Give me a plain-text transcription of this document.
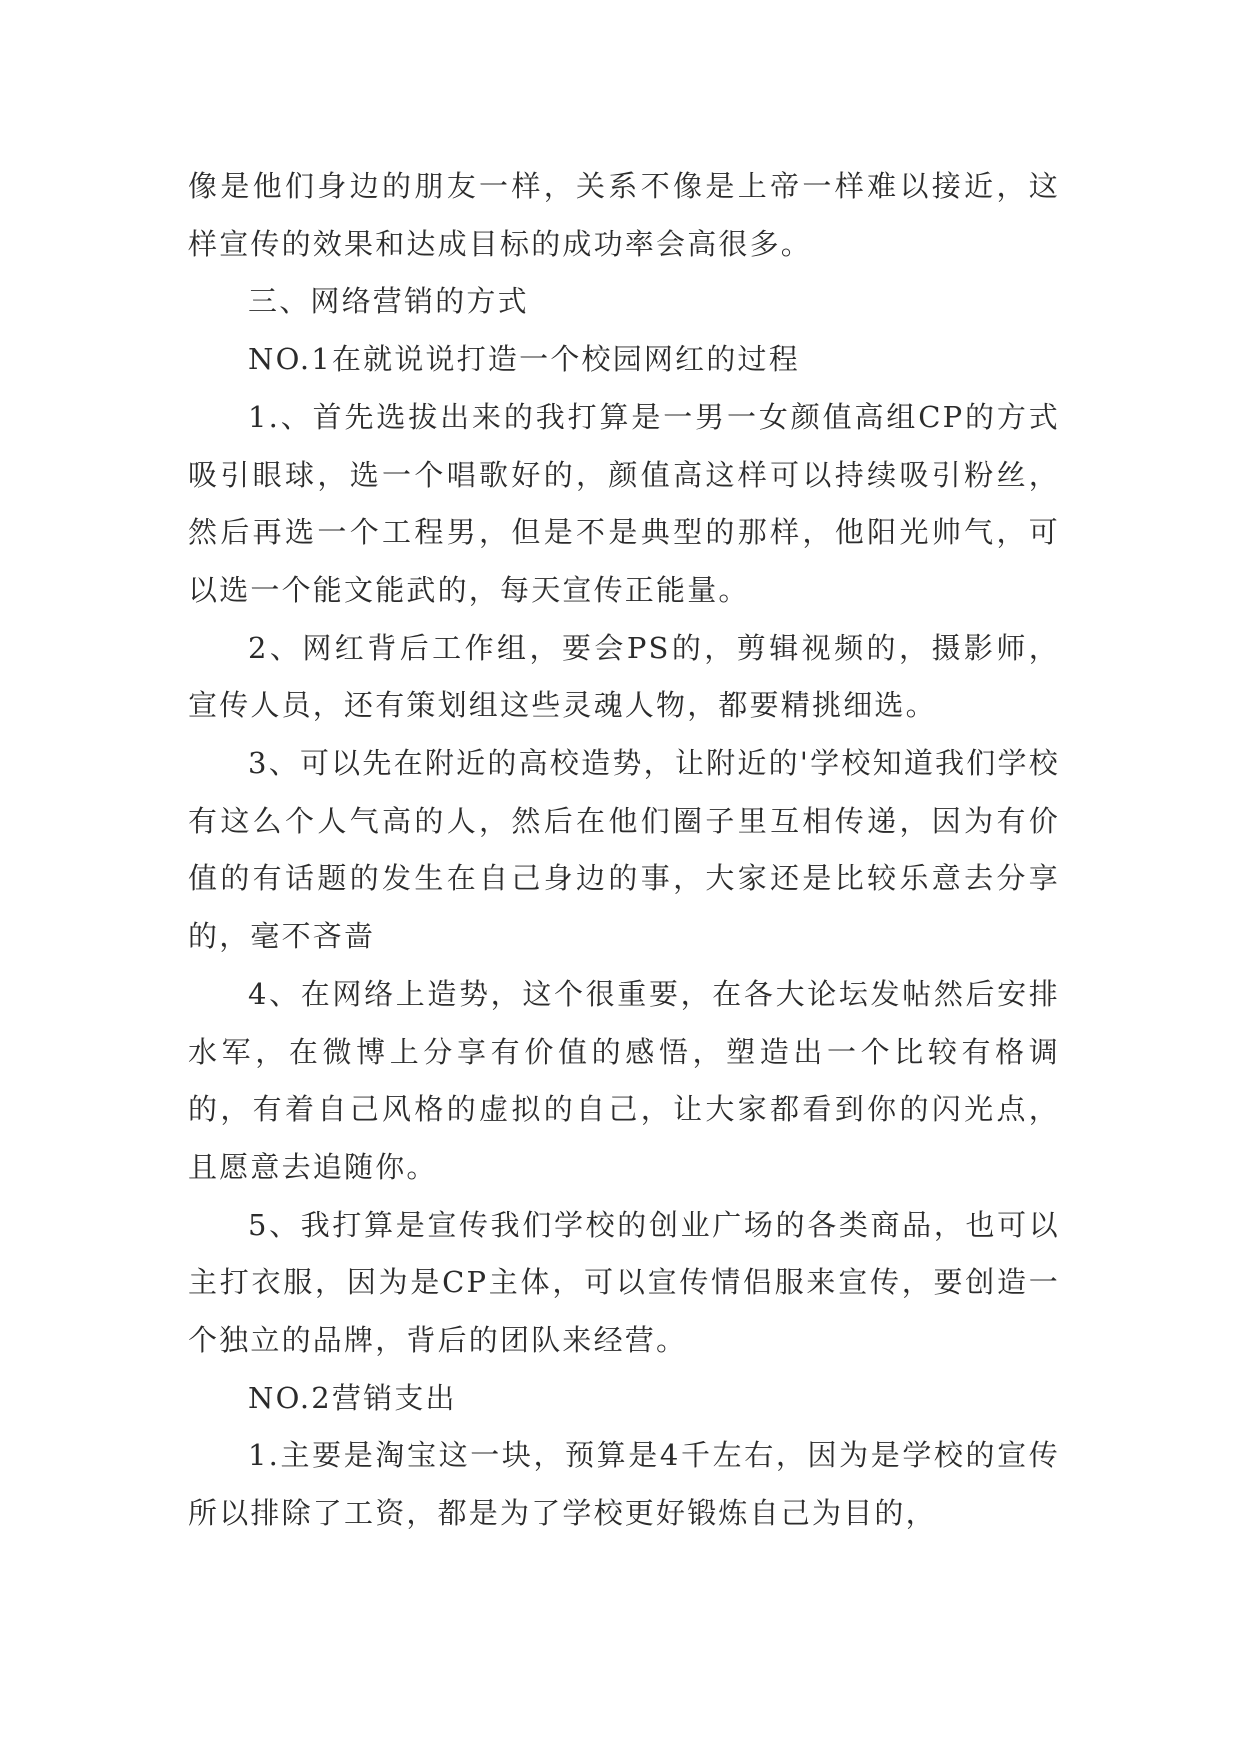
像是他们身边的朋友一样，关系不像是上帝一样难以接近，这样宣传的效果和达成目标的成功率会高很多。

三、网络营销的方式

NO.1在就说说打造一个校园网红的过程

1.、首先选拔出来的我打算是一男一女颜值高组CP的方式吸引眼球，选一个唱歌好的，颜值高这样可以持续吸引粉丝，然后再选一个工程男，但是不是典型的那样，他阳光帅气，可以选一个能文能武的，每天宣传正能量。

2、网红背后工作组，要会PS的，剪辑视频的，摄影师，宣传人员，还有策划组这些灵魂人物，都要精挑细选。

3、可以先在附近的高校造势，让附近的'学校知道我们学校有这么个人气高的人，然后在他们圈子里互相传递，因为有价值的有话题的发生在自己身边的事，大家还是比较乐意去分享的，毫不吝啬

4、在网络上造势，这个很重要，在各大论坛发帖然后安排水军，在微博上分享有价值的感悟，塑造出一个比较有格调的，有着自己风格的虚拟的自己，让大家都看到你的闪光点，且愿意去追随你。

5、我打算是宣传我们学校的创业广场的各类商品，也可以主打衣服，因为是CP主体，可以宣传情侣服来宣传，要创造一个独立的品牌，背后的团队来经营。

NO.2营销支出

1.主要是淘宝这一块，预算是4千左右，因为是学校的宣传所以排除了工资，都是为了学校更好锻炼自己为目的，
